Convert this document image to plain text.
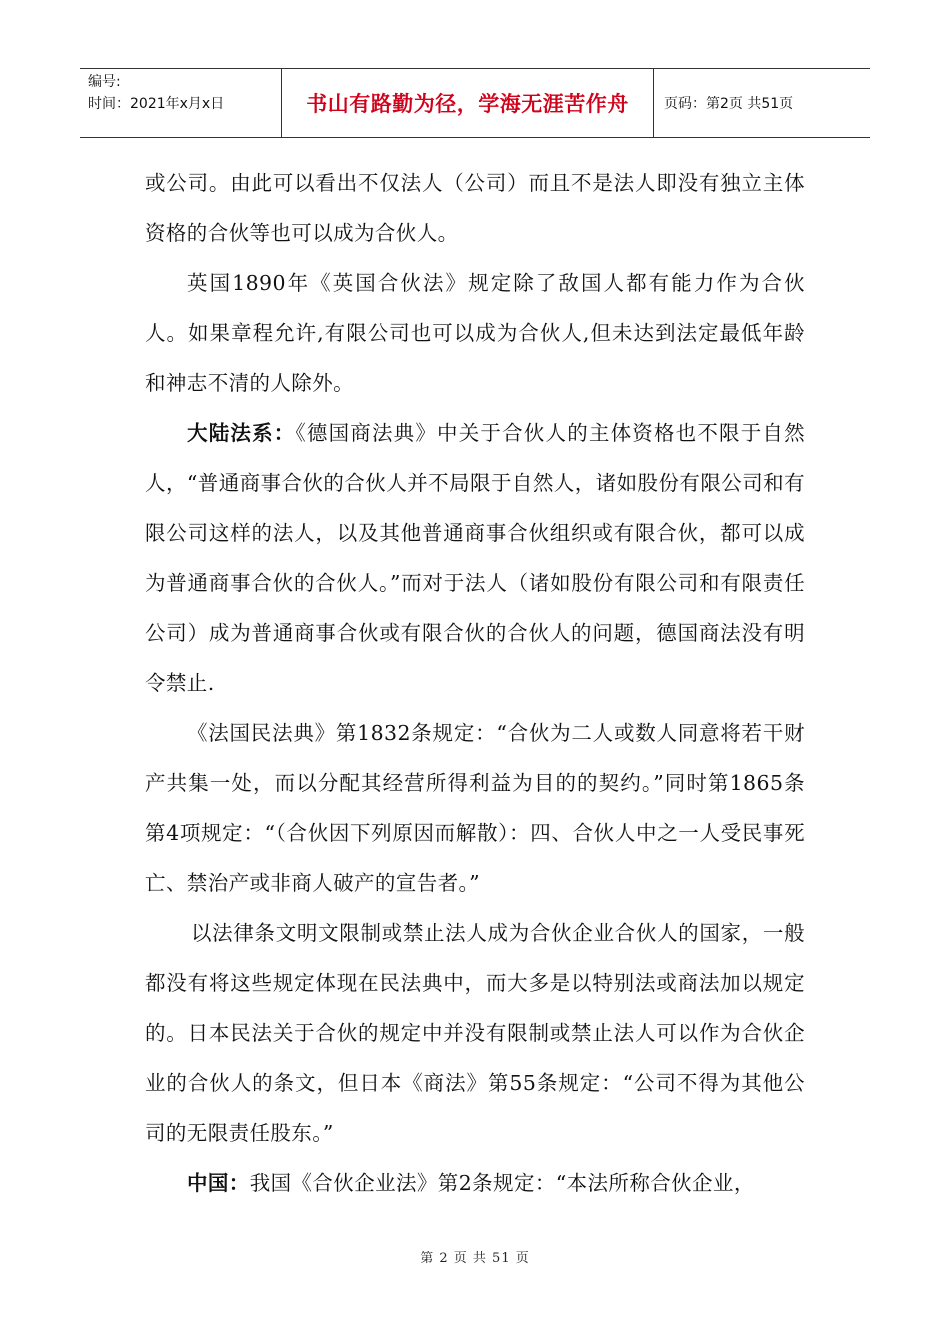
编号:
时间：2021年x月x日	书山有路勤为径，学海无涯苦作舟	页码：第2页 共51页

或公司。由此可以看出不仅法人（公司）而且不是法人即没有独立主体资格的合伙等也可以成为合伙人。

英国1890年《英国合伙法》规定除了敌国人都有能力作为合伙人。如果章程允许,有限公司也可以成为合伙人,但未达到法定最低年龄和神志不清的人除外。

大陆法系：《德国商法典》中关于合伙人的主体资格也不限于自然人，“普通商事合伙的合伙人并不局限于自然人，诸如股份有限公司和有限公司这样的法人，以及其他普通商事合伙组织或有限合伙，都可以成为普通商事合伙的合伙人。”而对于法人（诸如股份有限公司和有限责任公司）成为普通商事合伙或有限合伙的合伙人的问题，德国商法没有明令禁止.

《法国民法典》第1832条规定：“合伙为二人或数人同意将若干财产共集一处，而以分配其经营所得利益为目的的契约。”同时第1865条第4项规定：“（合伙因下列原因而解散）：四、合伙人中之一人受民事死亡、禁治产或非商人破产的宣告者。”

以法律条文明文限制或禁止法人成为合伙企业合伙人的国家，一般都没有将这些规定体现在民法典中，而大多是以特别法或商法加以规定的。日本民法关于合伙的规定中并没有限制或禁止法人可以作为合伙企业的合伙人的条文，但日本《商法》第55条规定：“公司不得为其他公司的无限责任股东。”

中国：我国《合伙企业法》第2条规定：“本法所称合伙企业，

第 2 页 共 51 页
